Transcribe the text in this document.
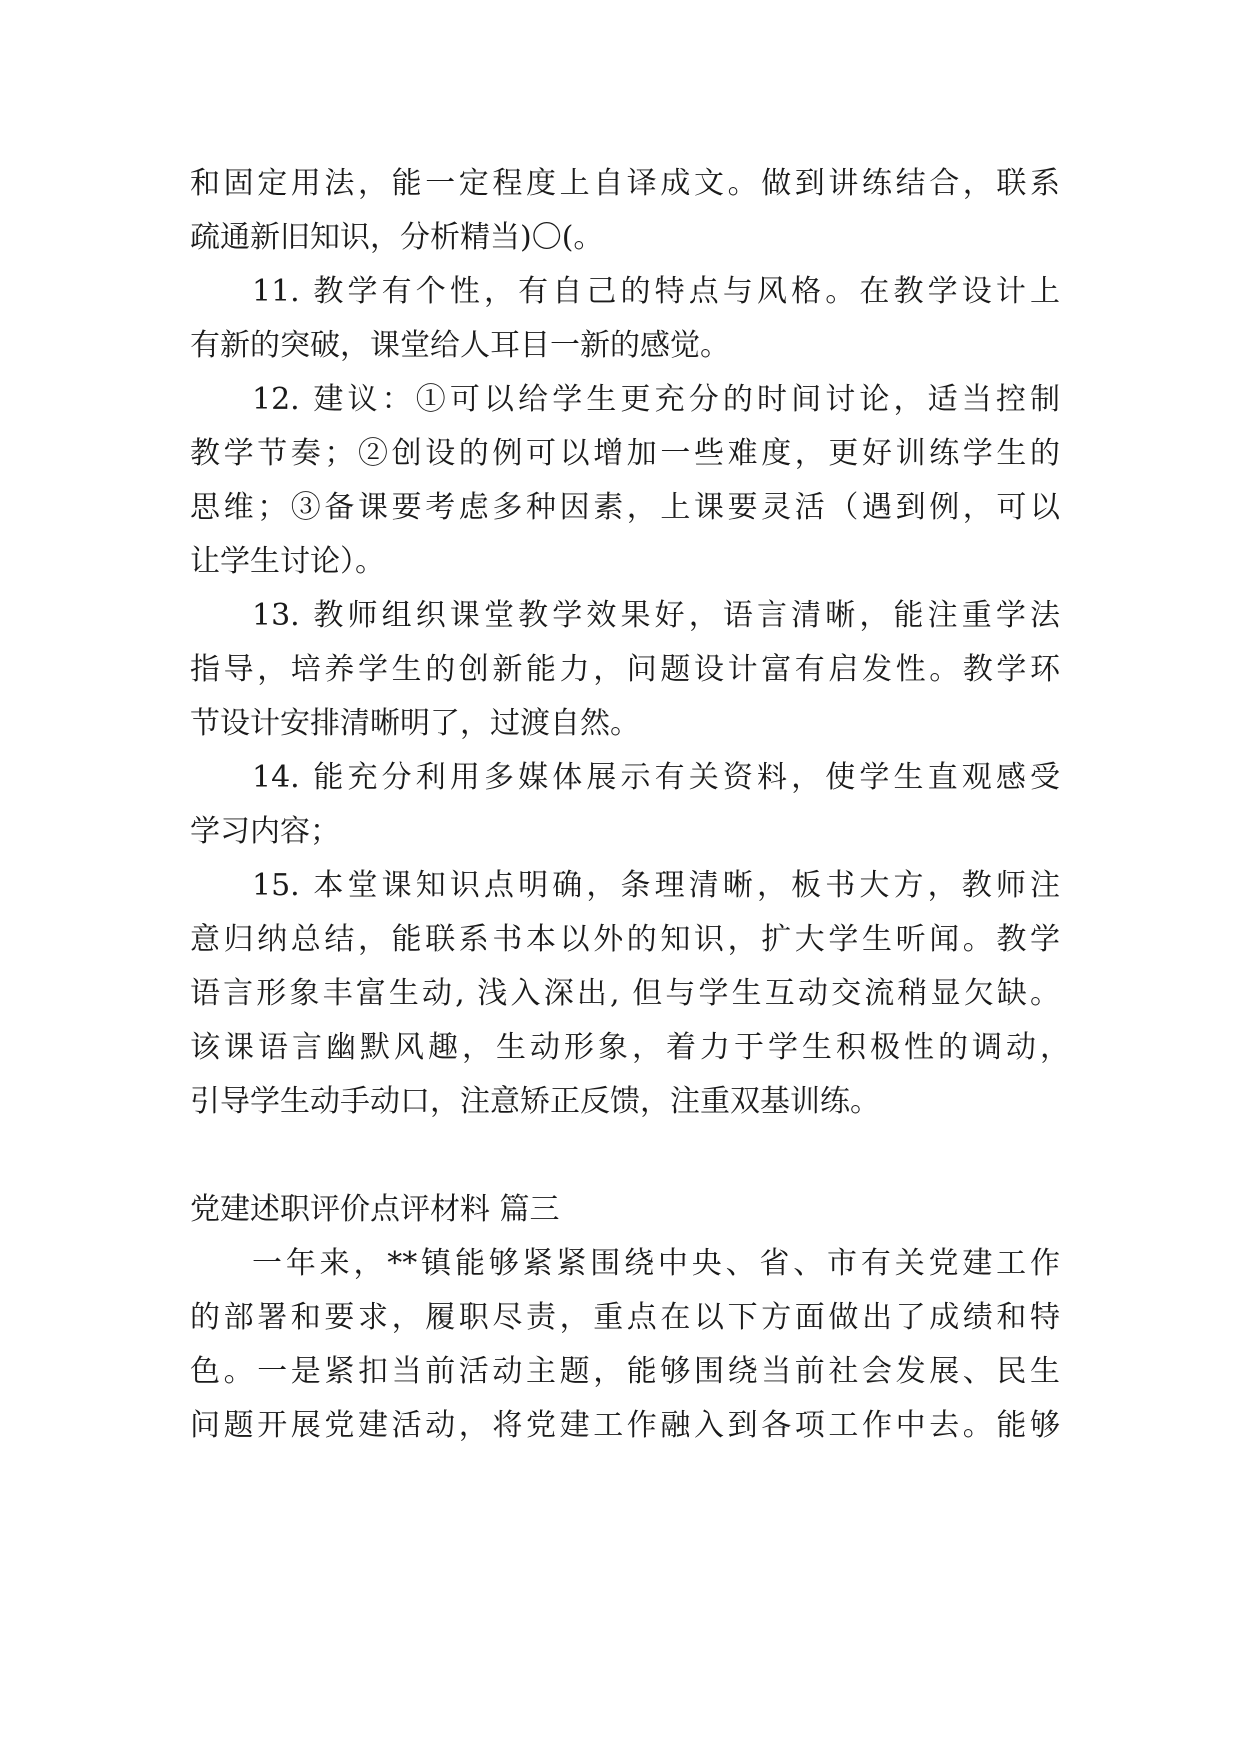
和固定用法，能一定程度上自译成文。做到讲练结合，联系
疏通新旧知识，分析精当)〇(。
11. 教学有个性，有自己的特点与风格。在教学设计上
有新的突破，课堂给人耳目一新的感觉。
12. 建议：①可以给学生更充分的时间讨论，适当控制
教学节奏；②创设的例可以增加一些难度，更好训练学生的
思维；③备课要考虑多种因素，上课要灵活（遇到例，可以
让学生讨论）。
13. 教师组织课堂教学效果好，语言清晰，能注重学法
指导，培养学生的创新能力，问题设计富有启发性。教学环
节设计安排清晰明了，过渡自然。
14. 能充分利用多媒体展示有关资料，使学生直观感受
学习内容；
15. 本堂课知识点明确，条理清晰，板书大方，教师注
意归纳总结，能联系书本以外的知识，扩大学生听闻。教学
语言形象丰富生动, 浅入深出, 但与学生互动交流稍显欠缺。
该课语言幽默风趣，生动形象，着力于学生积极性的调动，
引导学生动手动口，注意矫正反馈，注重双基训练。
党建述职评价点评材料 篇三
一年来，**镇能够紧紧围绕中央、省、市有关党建工作
的部署和要求，履职尽责，重点在以下方面做出了成绩和特
色。一是紧扣当前活动主题，能够围绕当前社会发展、民生
问题开展党建活动，将党建工作融入到各项工作中去。能够
